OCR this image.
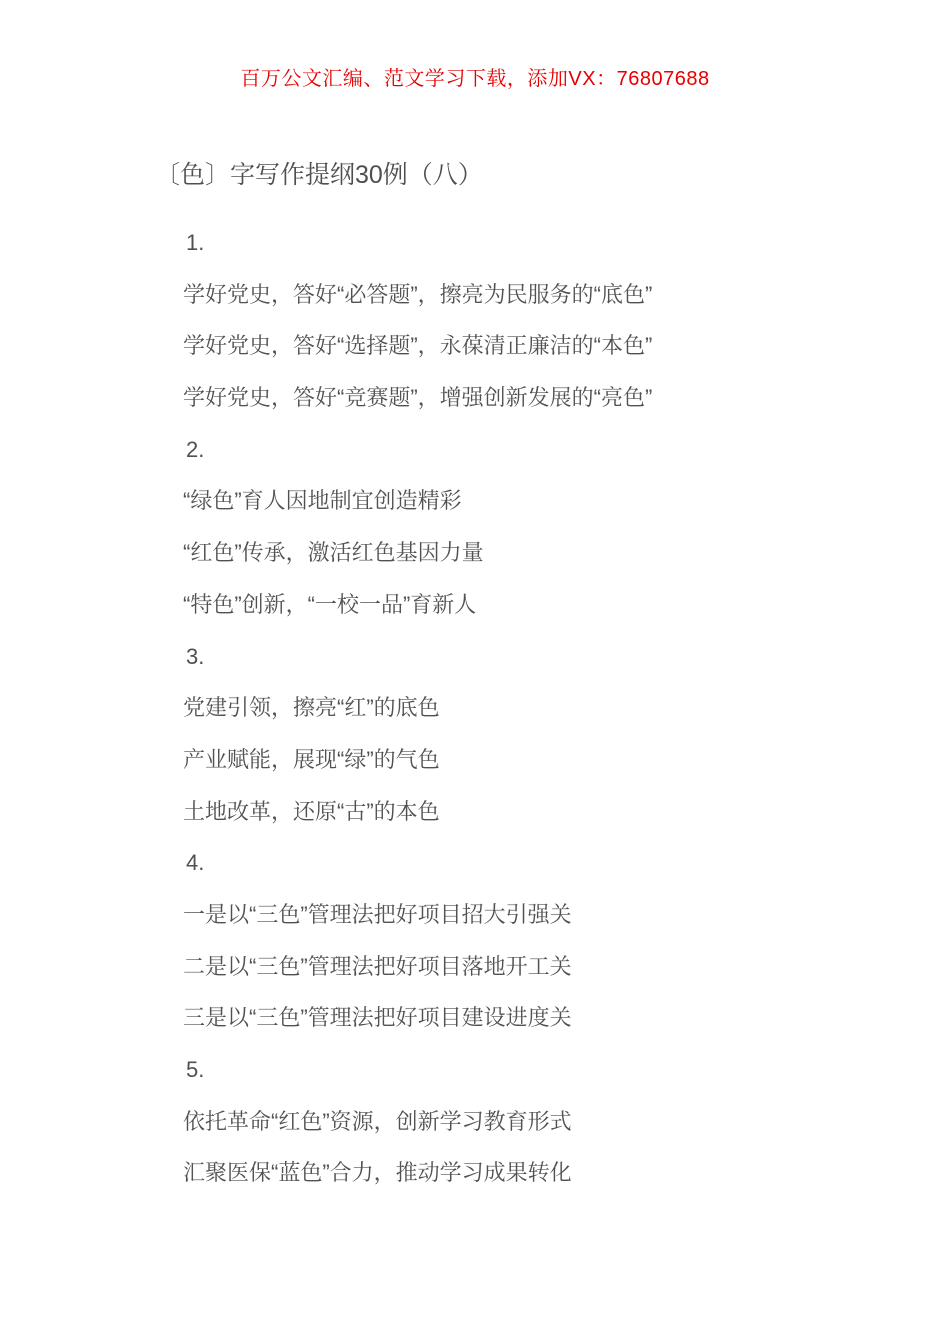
百万公文汇编、范文学习下载，添加VX：76807688
〔色〕字写作提纲30例（八）

1.

学好党史，答好“必答题”，擦亮为民服务的“底色”

学好党史，答好“选择题”，永葆清正廉洁的“本色”

学好党史，答好“竞赛题”，增强创新发展的“亮色”

2.

“绿色”育人因地制宜创造精彩

“红色”传承，激活红色基因力量

“特色”创新，“一校一品”育新人

3.

党建引领，擦亮“红”的底色

产业赋能，展现“绿”的气色

土地改革，还原“古”的本色

4.

一是以“三色”管理法把好项目招大引强关

二是以“三色”管理法把好项目落地开工关

三是以“三色”管理法把好项目建设进度关

5.

依托革命“红色”资源，创新学习教育形式

汇聚医保“蓝色”合力，推动学习成果转化
